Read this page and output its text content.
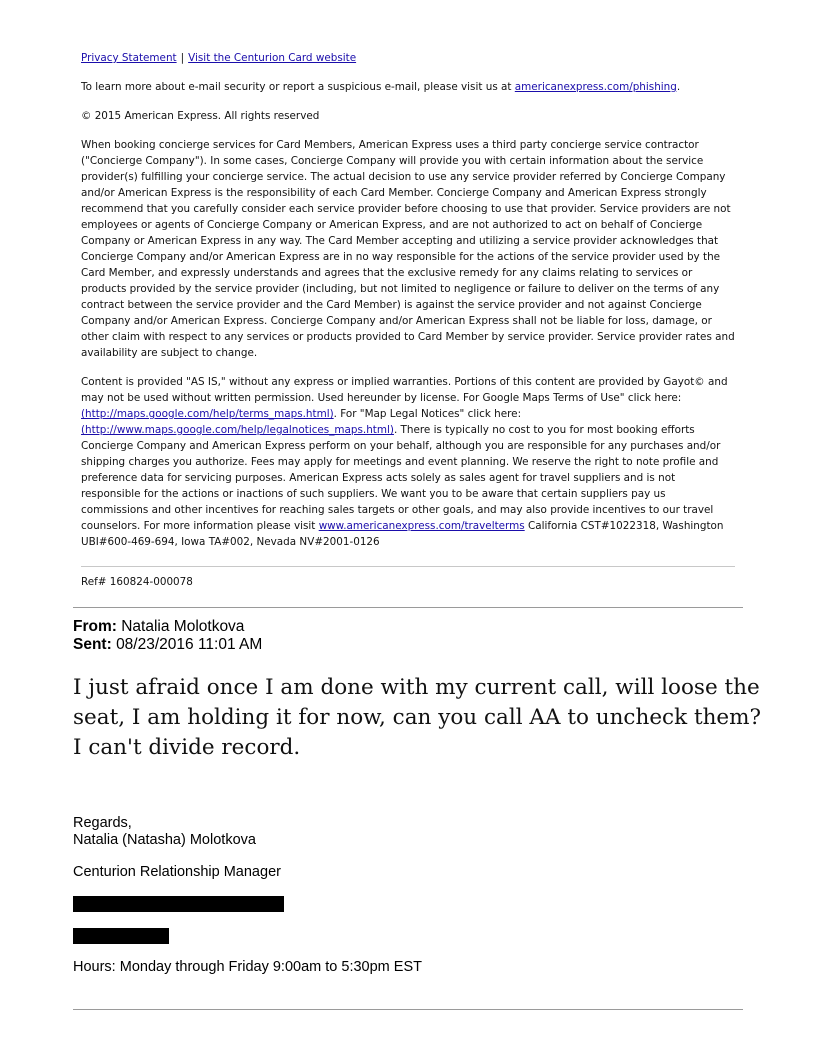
Privacy Statement | Visit the Centurion Card website

To learn more about e-mail security or report a suspicious e-mail, please visit us at americanexpress.com/phishing.

© 2015 American Express. All rights reserved

When booking concierge services for Card Members, American Express uses a third party concierge service contractor ("Concierge Company"). In some cases, Concierge Company will provide you with certain information about the service provider(s) fulfilling your concierge service. The actual decision to use any service provider referred by Concierge Company and/or American Express is the responsibility of each Card Member. Concierge Company and American Express strongly recommend that you carefully consider each service provider before choosing to use that provider. Service providers are not employees or agents of Concierge Company or American Express, and are not authorized to act on behalf of Concierge Company or American Express in any way. The Card Member accepting and utilizing a service provider acknowledges that Concierge Company and/or American Express are in no way responsible for the actions of the service provider used by the Card Member, and expressly understands and agrees that the exclusive remedy for any claims relating to services or products provided by the service provider (including, but not limited to negligence or failure to deliver on the terms of any contract between the service provider and the Card Member) is against the service provider and not against Concierge Company and/or American Express. Concierge Company and/or American Express shall not be liable for loss, damage, or other claim with respect to any services or products provided to Card Member by service provider. Service provider rates and availability are subject to change.

Content is provided "AS IS," without any express or implied warranties. Portions of this content are provided by Gayot© and may not be used without written permission. Used hereunder by license. For Google Maps Terms of Use" click here: (http://maps.google.com/help/terms_maps.html). For "Map Legal Notices" click here: (http://www.maps.google.com/help/legalnotices_maps.html). There is typically no cost to you for most booking efforts Concierge Company and American Express perform on your behalf, although you are responsible for any purchases and/or shipping charges you authorize. Fees may apply for meetings and event planning. We reserve the right to note profile and preference data for servicing purposes. American Express acts solely as sales agent for travel suppliers and is not responsible for the actions or inactions of such suppliers. We want you to be aware that certain suppliers pay us commissions and other incentives for reaching sales targets or other goals, and may also provide incentives to our travel counselors. For more information please visit www.americanexpress.com/travelterms California CST#1022318, Washington UBI#600-469-694, Iowa TA#002, Nevada NV#2001-0126

Ref# 160824-000078
From: Natalia Molotkova
Sent: 08/23/2016 11:01 AM
I just afraid once I am done with my current call, will loose the seat, I am holding it for now, can you call AA to uncheck them? I can't divide record.
Regards,
Natalia (Natasha) Molotkova
Centurion Relationship Manager
Hours: Monday through Friday 9:00am to 5:30pm EST
